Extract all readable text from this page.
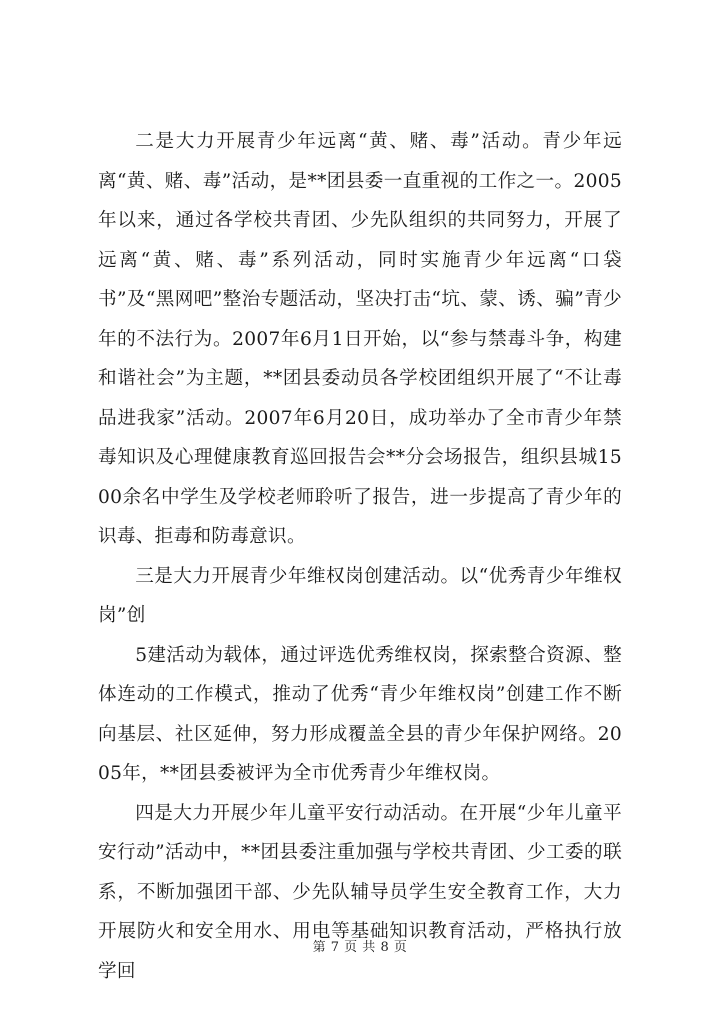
二是大力开展青少年远离“黄、赌、毒”活动。青少年远离“黄、赌、毒”活动，是**团县委一直重视的工作之一。2005年以来，通过各学校共青团、少先队组织的共同努力，开展了远离“黄、赌、毒”系列活动，同时实施青少年远离“口袋书”及“黑网吧”整治专题活动，坚决打击“坑、蒙、诱、骗”青少年的不法行为。2007年6月1日开始，以“参与禁毒斗争，构建和谐社会”为主题，**团县委动员各学校团组织开展了“不让毒品进我家”活动。2007年6月20日，成功举办了全市青少年禁毒知识及心理健康教育巡回报告会**分会场报告，组织县城1500余名中学生及学校老师聆听了报告，进一步提高了青少年的识毒、拒毒和防毒意识。

三是大力开展青少年维权岗创建活动。以“优秀青少年维权岗”创

5建活动为载体，通过评选优秀维权岗，探索整合资源、整体连动的工作模式，推动了优秀“青少年维权岗”创建工作不断向基层、社区延伸，努力形成覆盖全县的青少年保护网络。2005年，**团县委被评为全市优秀青少年维权岗。

四是大力开展少年儿童平安行动活动。在开展“少年儿童平安行动”活动中，**团县委注重加强与学校共青团、少工委的联系，不断加强团干部、少先队辅导员学生安全教育工作，大力开展防火和安全用水、用电等基础知识教育活动，严格执行放学回

第 7 页 共 8 页
